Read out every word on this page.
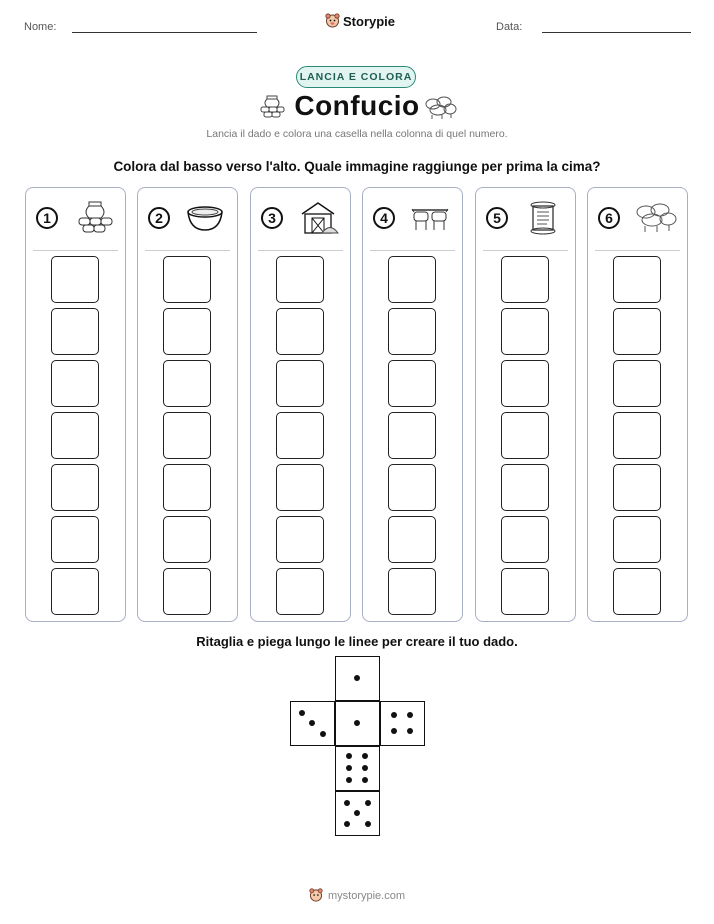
Nome:	Storypie	Data:
LANCIA E COLORA
Confucio
Lancia il dado e colora una casella nella colonna di quel numero.
Colora dal basso verso l'alto. Quale immagine raggiunge per prima la cima?
1	2	3	4	5	6
Ritaglia e piega lungo le linee per creare il tuo dado.
mystorypie.com
